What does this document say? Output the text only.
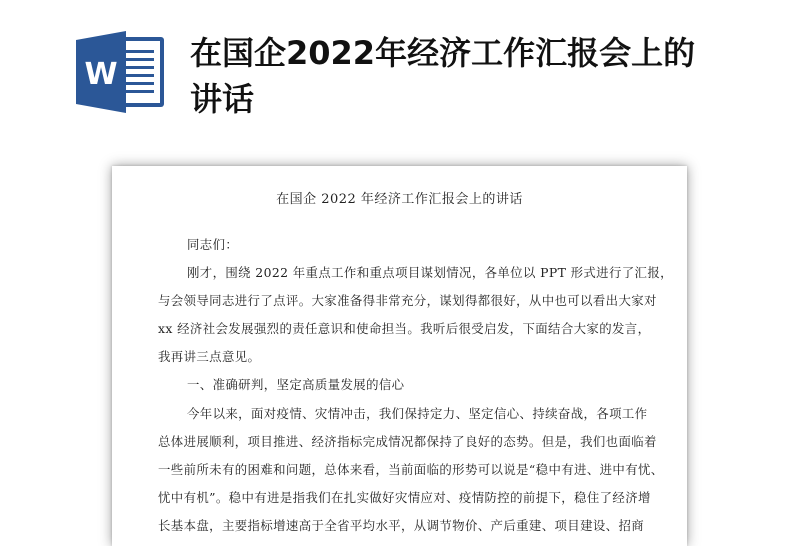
W
在国企2022年经济工作汇报会上的讲话
在国企 2022 年经济工作汇报会上的讲话
同志们：
刚才，围绕 2022 年重点工作和重点项目谋划情况，各单位以 PPT 形式进行了汇报，
与会领导同志进行了点评。大家准备得非常充分，谋划得都很好，从中也可以看出大家对
xx 经济社会发展强烈的责任意识和使命担当。我听后很受启发，下面结合大家的发言，
我再讲三点意见。
一、准确研判，坚定高质量发展的信心
今年以来，面对疫情、灾情冲击，我们保持定力、坚定信心、持续奋战，各项工作
总体进展顺利，项目推进、经济指标完成情况都保持了良好的态势。但是，我们也面临着
一些前所未有的困难和问题，总体来看，当前面临的形势可以说是“稳中有进、进中有忧、
忧中有机”。稳中有进是指我们在扎实做好灾情应对、疫情防控的前提下，稳住了经济增
长基本盘，主要指标增速高于全省平均水平，从调节物价、产后重建、项目建设、招商
